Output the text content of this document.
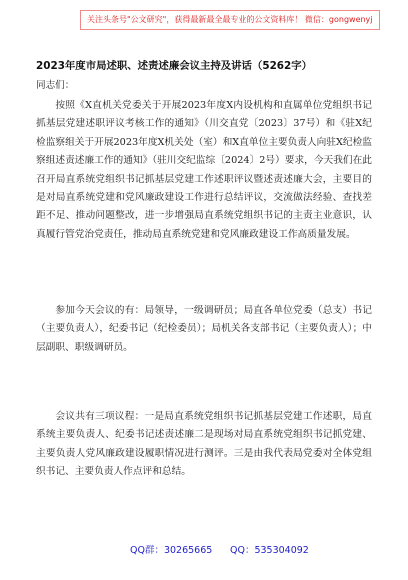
关注头条号"公文研究"，获得最新最全最专业的公文资料库！ 微信：gongwenyj
2023年度市局述职、述责述廉会议主持及讲话（5262字）
同志们：

按照《X直机关党委关于开展2023年度X内设机构和直属单位党组织书记抓基层党建述职评议考核工作的通知》（川交直党〔2023〕37号）和《驻X纪检监察组关于开展2023年度X机关处（室）和X直单位主要负责人向驻X纪检监察组述责述廉工作的通知》（驻川交纪监综〔2024〕2号）要求，今天我们在此召开局直系统党组织书记抓基层党建工作述职评议暨述责述廉大会，主要目的是对局直系统党建和党风廉政建设工作进行总结评议，交流做法经验、查找差距不足、推动问题整改，进一步增强局直系统党组织书记的主责主业意识，认真履行管党治党责任，推动局直系统党建和党风廉政建设工作高质量发展。

参加今天会议的有：局领导，一级调研员；局直各单位党委（总支）书记（主要负责人），纪委书记（纪检委员）；局机关各支部书记（主要负责人）；中层副职、职级调研员。

会议共有三项议程：一是局直系统党组织书记抓基层党建工作述职，局直系统主要负责人、纪委书记述责述廉二是现场对局直系统党组织书记抓党建、主要负责人党风廉政建设履职情况进行测评。三是由我代表局党委对全体党组织书记、主要负责人作点评和总结。

QQ群：30265665 QQ：535304092
